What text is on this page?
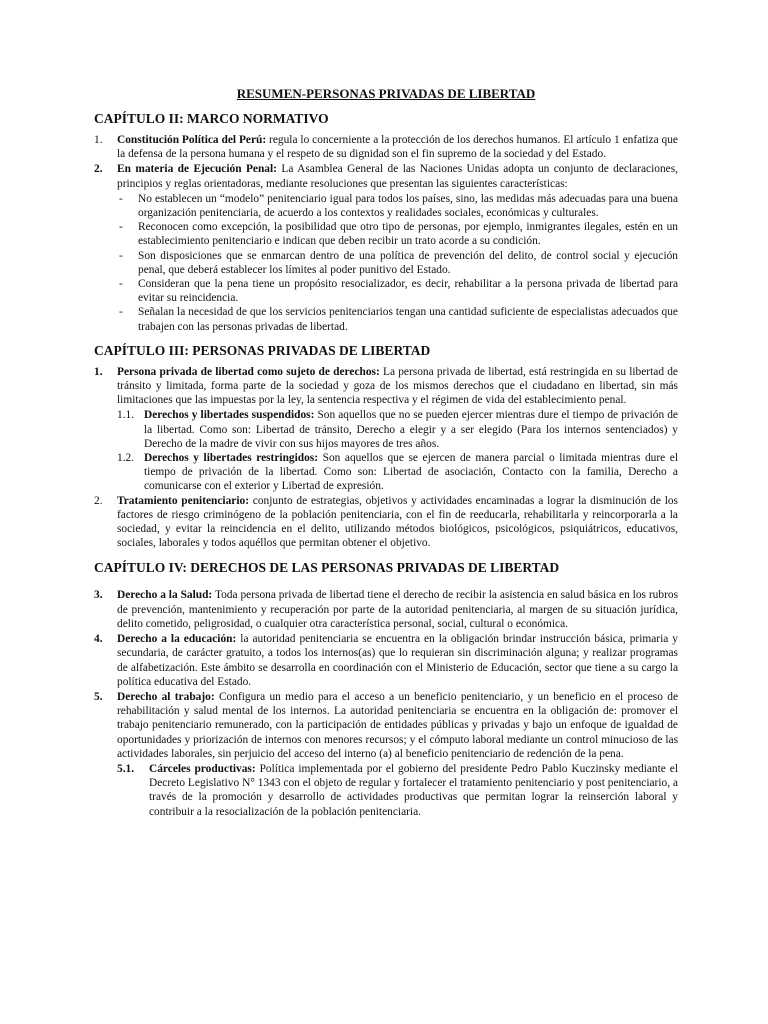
RESUMEN-PERSONAS PRIVADAS DE LIBERTAD

CAPÍTULO II: MARCO NORMATIVO

1.	Constitución Política del Perú: regula lo concerniente a la protección de los derechos humanos. El artículo 1 enfatiza que la defensa de la persona humana y el respeto de su dignidad son el fin supremo de la sociedad y del Estado.
2.	En materia de Ejecución Penal: La Asamblea General de las Naciones Unidas adopta un conjunto de declaraciones, principios y reglas orientadoras, mediante resoluciones que presentan las siguientes características:
-	No establecen un “modelo” penitenciario igual para todos los países, sino, las medidas más adecuadas para una buena organización penitenciaria, de acuerdo a los contextos y realidades sociales, económicas y culturales.
-	Reconocen como excepción, la posibilidad que otro tipo de personas, por ejemplo, inmigrantes ilegales, estén en un establecimiento penitenciario e indican que deben recibir un trato acorde a su condición.
-	Son disposiciones que se enmarcan dentro de una política de prevención del delito, de control social y ejecución penal, que deberá establecer los límites al poder punitivo del Estado.
-	Consideran que la pena tiene un propósito resocializador, es decir, rehabilitar a la persona privada de libertad para evitar su reincidencia.
-	Señalan la necesidad de que los servicios penitenciarios tengan una cantidad suficiente de especialistas adecuados que trabajen con las personas privadas de libertad.

CAPÍTULO III: PERSONAS PRIVADAS DE LIBERTAD

1.	Persona privada de libertad como sujeto de derechos: La persona privada de libertad, está restringida en su libertad de tránsito y limitada, forma parte de la sociedad y goza de los mismos derechos que el ciudadano en libertad, sin más limitaciones que las impuestas por la ley, la sentencia respectiva y el régimen de vida del establecimiento penal.
1.1. Derechos y libertades suspendidos: Son aquellos que no se pueden ejercer mientras dure el tiempo de privación de la libertad. Como son: Libertad de tránsito, Derecho a elegir y a ser elegido (Para los internos sentenciados) y Derecho de la madre de vivir con sus hijos mayores de tres años.
1.2. Derechos y libertades restringidos: Son aquellos que se ejercen de manera parcial o limitada mientras dure el tiempo de privación de la libertad. Como son: Libertad de asociación, Contacto con la familia, Derecho a comunicarse con el exterior y Libertad de expresión.
2.	Tratamiento penitenciario: conjunto de estrategias, objetivos y actividades encaminadas a lograr la disminución de los factores de riesgo criminógeno de la población penitenciaria, con el fin de reeducarla, rehabilitarla y reincorporarla a la sociedad, y evitar la reincidencia en el delito, utilizando métodos biológicos, psicológicos, psiquiátricos, educativos, sociales, laborales y todos aquéllos que permitan obtener el objetivo.

CAPÍTULO IV: DERECHOS DE LAS PERSONAS PRIVADAS DE LIBERTAD

3.	Derecho a la Salud: Toda persona privada de libertad tiene el derecho de recibir la asistencia en salud básica en los rubros de prevención, mantenimiento y recuperación por parte de la autoridad penitenciaria, al margen de su situación jurídica, delito cometido, peligrosidad, o cualquier otra característica personal, social, cultural o económica.
4.	Derecho a la educación: la autoridad penitenciaria se encuentra en la obligación brindar instrucción básica, primaria y secundaria, de carácter gratuito, a todos los internos(as) que lo requieran sin discriminación alguna; y realizar programas de alfabetización. Este ámbito se desarrolla en coordinación con el Ministerio de Educación, sector que tiene a su cargo la política educativa del Estado.
5.	Derecho al trabajo: Configura un medio para el acceso a un beneficio penitenciario, y un beneficio en el proceso de rehabilitación y salud mental de los internos. La autoridad penitenciaria se encuentra en la obligación de: promover el trabajo penitenciario remunerado, con la participación de entidades públicas y privadas y bajo un enfoque de igualdad de oportunidades y priorización de internos con menores recursos; y el cómputo laboral mediante un control minucioso de las actividades laborales, sin perjuicio del acceso del interno (a) al beneficio penitenciario de redención de la pena.
5.1.	Cárceles productivas: Política implementada por el gobierno del presidente Pedro Pablo Kuczinsky mediante el Decreto Legislativo N° 1343 con el objeto de regular y fortalecer el tratamiento penitenciario y post penitenciario, a través de la promoción y desarrollo de actividades productivas que permitan lograr la reinserción laboral y contribuir a la resocialización de la población penitenciaria.
